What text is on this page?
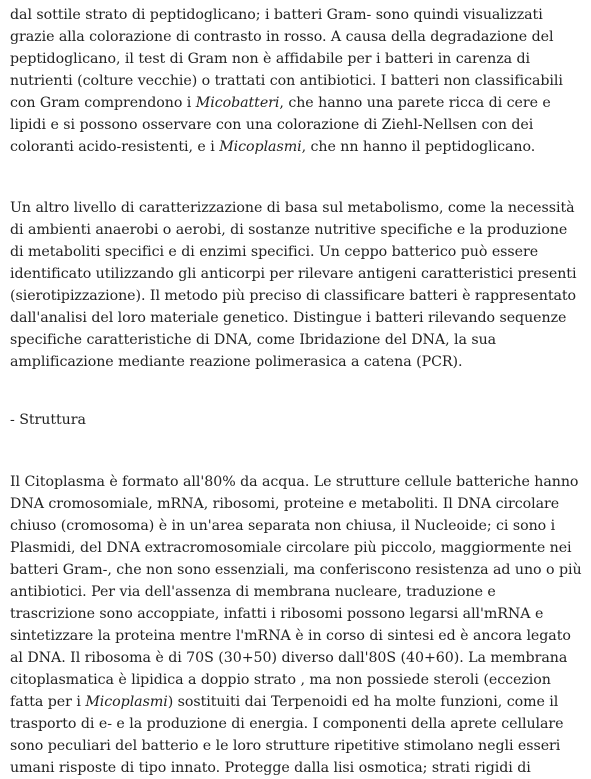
dal sottile strato di peptidoglicano; i batteri Gram- sono quindi visualizzati grazie alla colorazione di contrasto in rosso. A causa della degradazione del peptidoglicano, il test di Gram non è affidabile per i batteri in carenza di nutrienti (colture vecchie) o trattati con antibiotici. I batteri non classificabili con Gram comprendono i Micobatteri, che hanno una parete ricca di cere e lipidi e si possono osservare con una colorazione di Ziehl-Nellsen con dei coloranti acido-resistenti, e i Micoplasmi, che nn hanno il peptidoglicano.

Un altro livello di caratterizzazione di basa sul metabolismo, come la necessità di ambienti anaerobi o aerobi, di sostanze nutritive specifiche e la produzione di metaboliti specifici e di enzimi specifici. Un ceppo batterico può essere identificato utilizzando gli anticorpi per rilevare antigeni caratteristici presenti (sierotipizzazione). Il metodo più preciso di classificare batteri è rappresentato dall'analisi del loro materiale genetico. Distingue i batteri rilevando sequenze specifiche caratteristiche di DNA, come Ibridazione del DNA, la sua amplificazione mediante reazione polimerasica a catena (PCR).

- Struttura

Il Citoplasma è formato all'80% da acqua. Le strutture cellule batteriche hanno DNA cromosomiale, mRNA, ribosomi, proteine e metaboliti. Il DNA circolare chiuso (cromosoma) è in un'area separata non chiusa, il Nucleoide; ci sono i Plasmidi, del DNA extracromosomiale circolare più piccolo, maggiormente nei batteri Gram-, che non sono essenziali, ma conferiscono resistenza ad uno o più antibiotici. Per via dell'assenza di membrana nucleare, traduzione e trascrizione sono accoppiate, infatti i ribosomi possono legarsi all'mRNA e sintetizzare la proteina mentre l'mRNA è in corso di sintesi ed è ancora legato al DNA. Il ribosoma è di 70S (30+50) diverso dall'80S (40+60). La membrana citoplasmatica è lipidica a doppio strato , ma non possiede steroli (eccezion fatta per i Micoplasmi) sostituiti dai Terpenoidi ed ha molte funzioni, come il trasporto di e- e la produzione di energia. I componenti della aprete cellulare sono peculiari del batterio e le loro strutture ripetitive stimolano negli esseri umani risposte di tipo innato. Protegge dalla lisi osmotica; strati rigidi di
